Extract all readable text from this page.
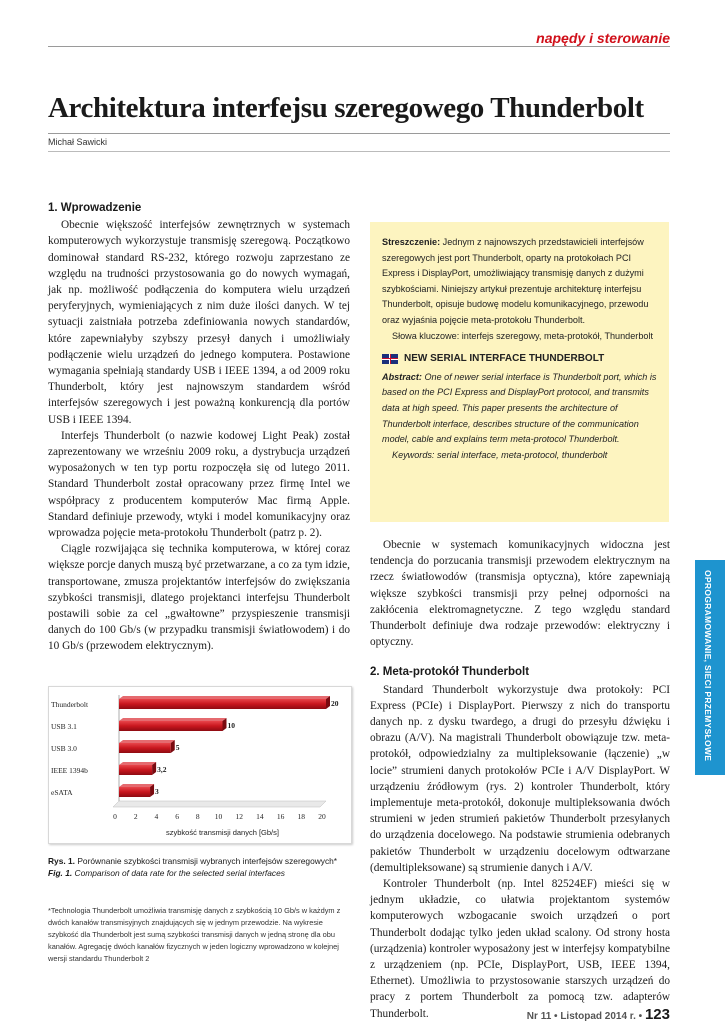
napędy i sterowanie
Architektura interfejsu szeregowego Thunderbolt
Michał Sawicki
1. Wprowadzenie

Obecnie większość interfejsów zewnętrznych w systemach komputerowych wykorzystuje transmisję szeregową. Początkowo dominował standard RS-232, którego rozwoju zaprzestano ze względu na trudności przystosowania go do nowych wymagań, jak np. możliwość podłączenia do komputera wielu urządzeń peryferyjnych, wymieniających z nim duże ilości danych. W tej sytuacji zaistniała potrzeba zdefiniowania nowych standardów, które zapewniałyby szybszy przesył danych i umożliwiały podłączenie wielu urządzeń do jednego komputera. Postawione wymagania spełniają standardy USB i IEEE 1394, a od 2009 roku Thunderbolt, który jest najnowszym standardem wśród interfejsów szeregowych i jest poważną konkurencją dla portów USB i IEEE 1394.

Interfejs Thunderbolt (o nazwie kodowej Light Peak) został zaprezentowany we wrześniu 2009 roku, a dystrybucja urządzeń wyposażonych w ten typ portu rozpoczęła się od lutego 2011. Standard Thunderbolt został opracowany przez firmę Intel we współpracy z producentem komputerów Mac firmą Apple. Standard definiuje przewody, wtyki i model komunikacyjny oraz wprowadza pojęcie meta-protokołu Thunderbolt (patrz p. 2).

Ciągle rozwijająca się technika komputerowa, w której coraz większe porcje danych muszą być przetwarzane, a co za tym idzie, transportowane, zmusza projektantów interfejsów do zwiększania szybkości transmisji, dlatego projektanci interfejsu Thunderbolt postawili sobie za cel „gwałtowne” przyspieszenie transmisji danych do 100 Gb/s (w przypadku transmisji światłowodem) i do 10 Gb/s (przewodem elektrycznym).

Streszczenie: Jednym z najnowszych przedstawicieli interfejsów szeregowych jest port Thunderbolt, oparty na protokołach PCI Express i DisplayPort, umożliwiający transmisję danych z dużymi szybkościami. Niniejszy artykuł prezentuje architekturę interfejsu Thunderbolt, opisuje budowę modelu komunikacyjnego, przewodu oraz wyjaśnia pojęcie meta-protokołu Thunderbolt.

Słowa kluczowe: interfejs szeregowy, meta-protokół, Thunderbolt

NEW SERIAL INTERFACE THUNDERBOLT

Abstract: One of newer serial interface is Thunderbolt port, which is based on the PCI Express and DisplayPort protocol, and transmits data at high speed. This paper presents the architecture of Thunderbolt interface, describes structure of the communication model, cable and explains term meta-protocol Thunderbolt.

Keywords: serial interface, meta-protocol, thunderbolt

Obecnie w systemach komunikacyjnych widoczna jest tendencja do porzucania transmisji przewodem elektrycznym na rzecz światłowodów (transmisja optyczna), które zapewniają większe szybkości transmisji przy pełnej odporności na zakłócenia elektromagnetyczne. Z tego względu standard Thunderbolt definiuje dwa rodzaje przewodów: elektryczny i optyczny.

2. Meta-protokół Thunderbolt

Standard Thunderbolt wykorzystuje dwa protokoły: PCI Express (PCIe) i DisplayPort. Pierwszy z nich do transportu danych np. z dysku twardego, a drugi do przesyłu dźwięku i obrazu (A/V). Na magistrali Thunderbolt obowiązuje tzw. meta-protokół, odpowiedzialny za multipleksowanie (łączenie) „w locie” strumieni danych protokołów PCIe i A/V DisplayPort. W urządzeniu źródłowym (rys. 2) kontroler Thunderbolt, który implementuje meta-protokół, dokonuje multipleksowania dwóch strumieni w jeden strumień pakietów Thunderbolt przesyłanych do urządzenia docelowego. Na podstawie strumienia odebranych pakietów Thunderbolt w urządzeniu docelowym odtwarzane (demultipleksowane) są strumienie danych i A/V.

Kontroler Thunderbolt (np. Intel 82524EF) mieści się w jednym układzie, co ułatwia projektantom systemów komputerowych wzbogacanie swoich urządzeń o port Thunderbolt dodając tylko jeden układ scalony. Od strony hosta (urządzenia) kontroler wyposażony jest w interfejsy kompatybilne z urządzeniem (np. PCIe, DisplayPort, USB, IEEE 1394, Ethernet). Umożliwia to przystosowanie starszych urządzeń do pracy z portem Thunderbolt za pomocą tzw. adapterów Thunderbolt.

OPROGRAMOWANIE, SIECI PRZEMYSŁOWE
Thunderbolt	20
USB 3.1	10
USB 3.0	5
IEEE 1394b	3,2
eSATA	3
0 2 4 6 8 10 12 14 16 18 20
szybkość transmisji danych [Gb/s]

Rys. 1. Porównanie szybkości transmisji wybranych interfejsów szeregowych*

Fig. 1. Comparison of data rate for the selected serial interfaces

*Technologia Thunderbolt umożliwia transmisję danych z szybkością 10 Gb/s w każdym z dwóch kanałów transmisyjnych znajdujących się w jednym przewodzie. Na wykresie szybkość dla Thunderbolt jest sumą szybkości transmisji danych w jedną stronę dla obu kanałów. Agregację dwóch kanałów fizycznych w jeden logiczny wprowadzono w kolejnej wersji standardu Thunderbolt 2

Nr 11 • Listopad 2014 r. • 123
